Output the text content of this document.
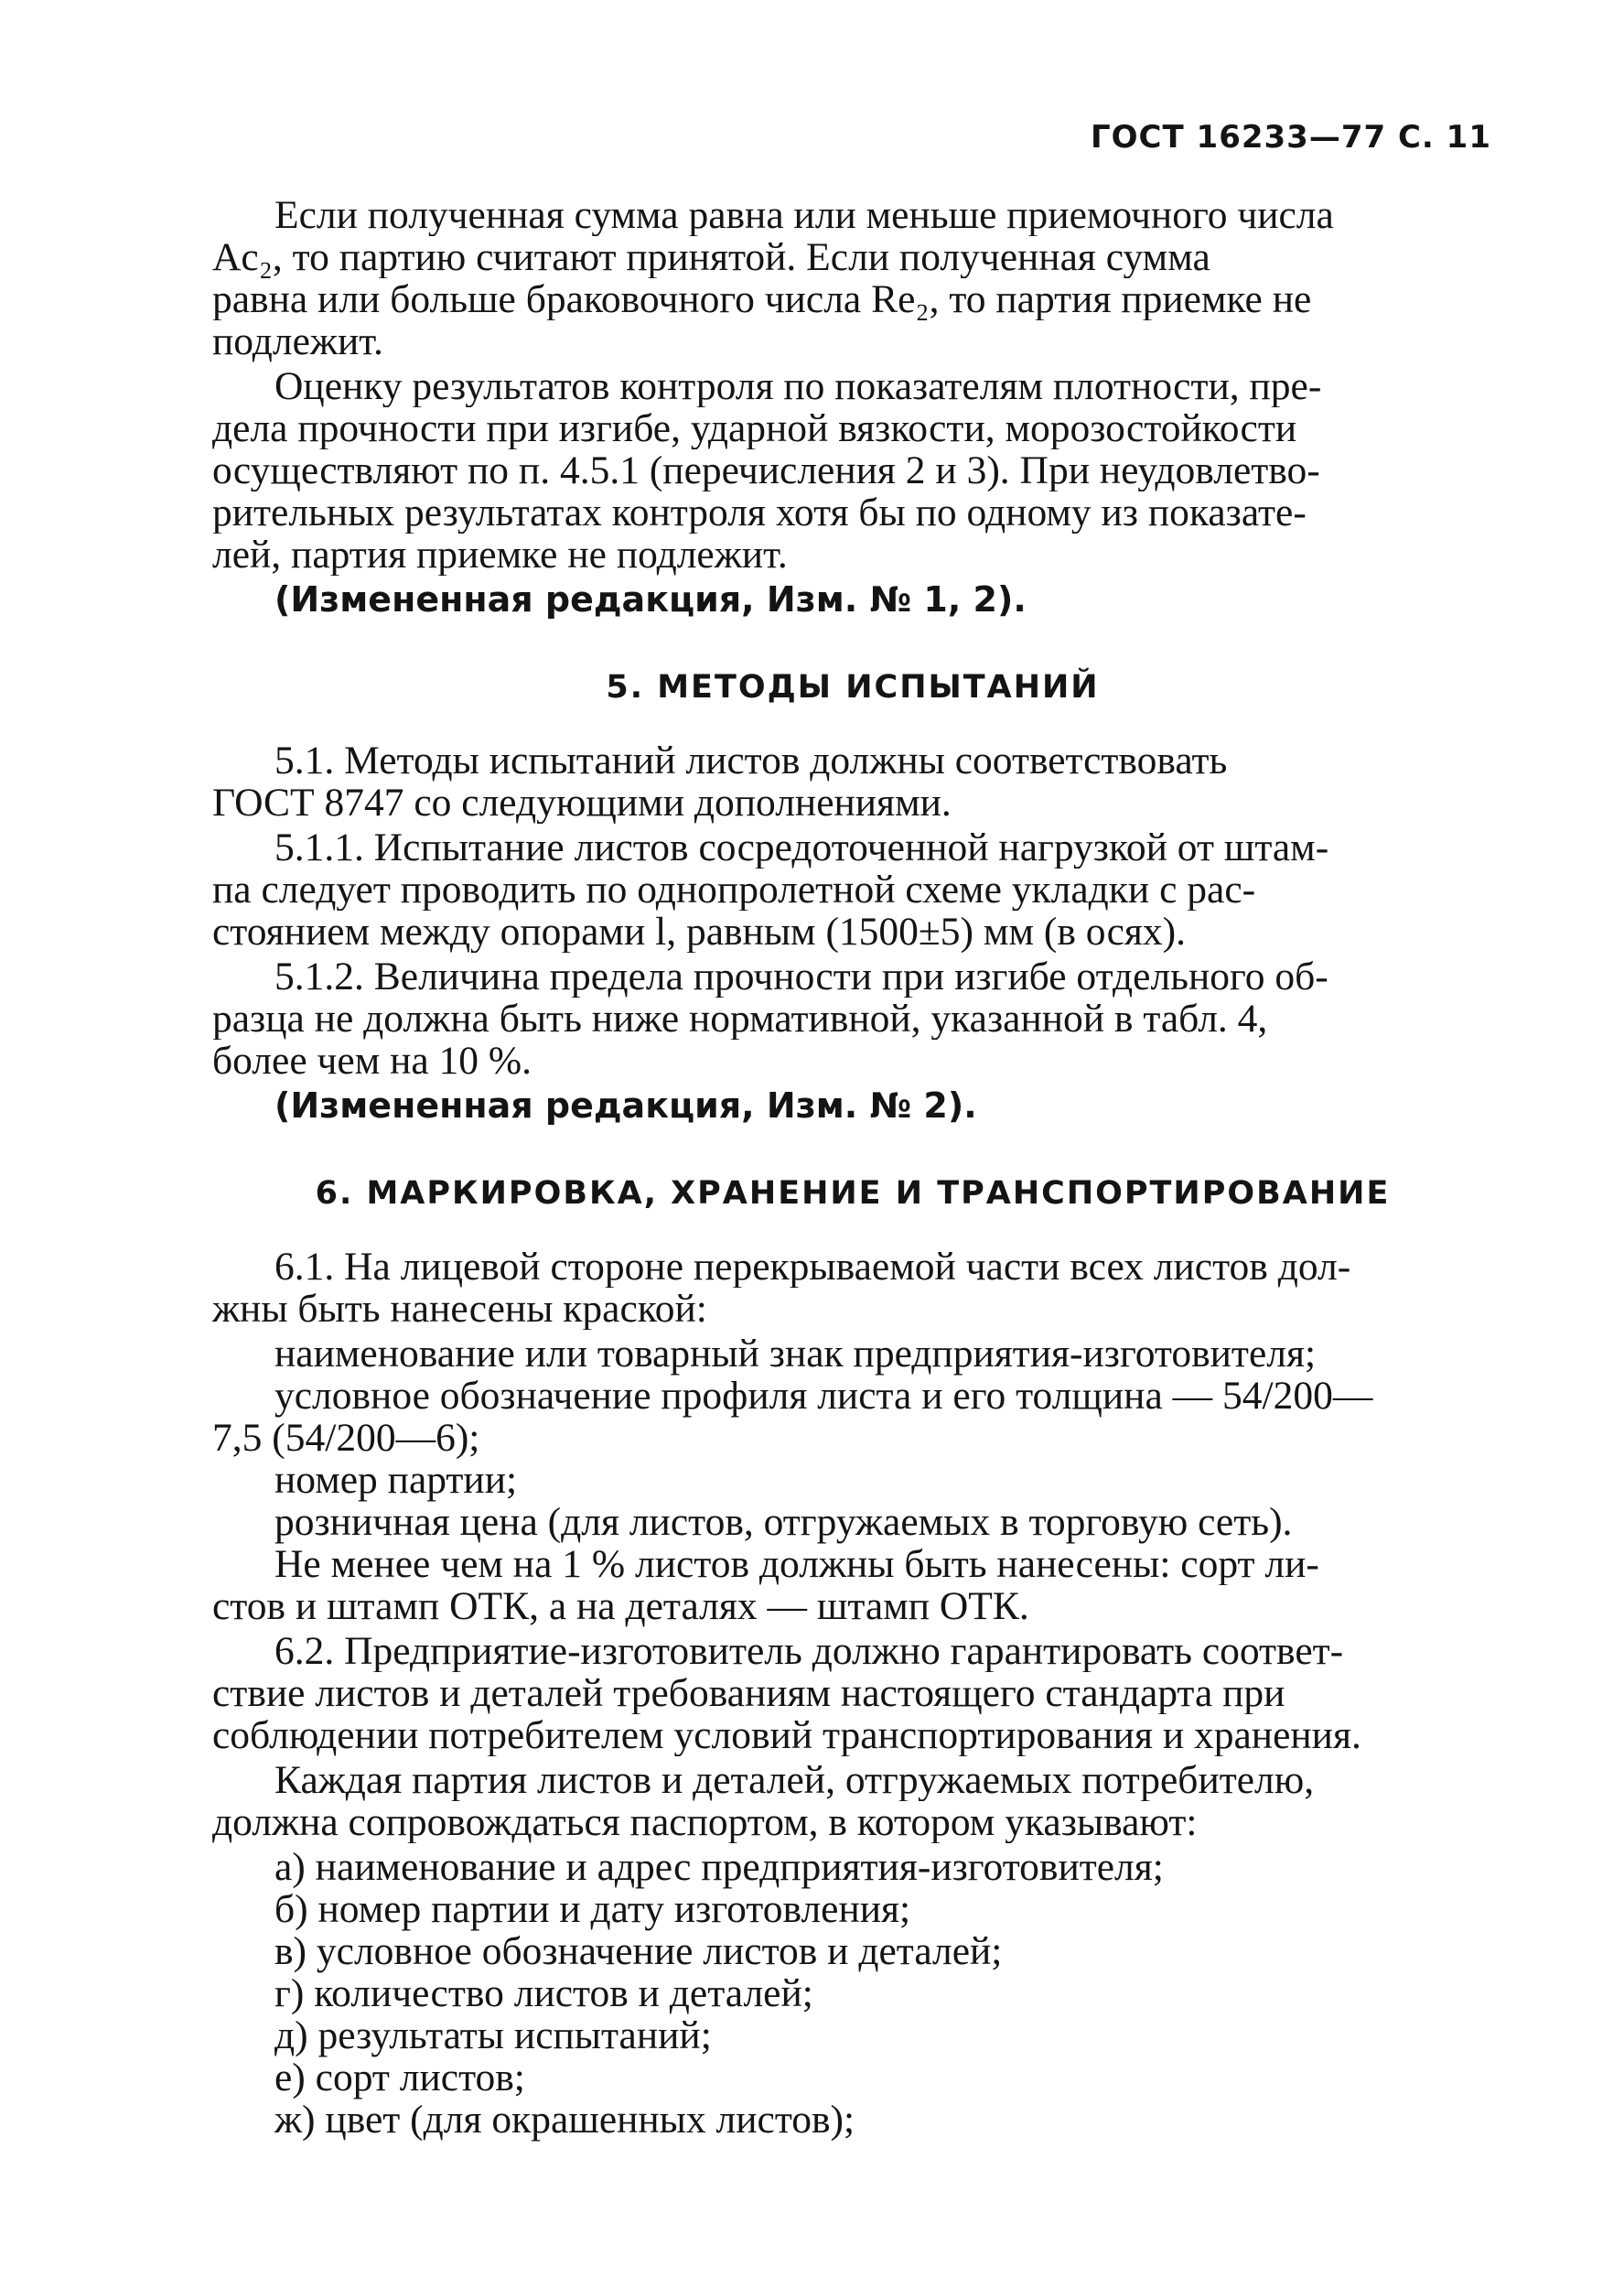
ГОСТ 16233—77 С. 11
Если полученная сумма равна или меньше приемочного числа
Ac₂, то партию считают принятой. Если полученная сумма
равна или больше браковочного числа Re₂, то партия приемке не
подлежит.
Оценку результатов контроля по показателям плотности, пре-
дела прочности при изгибе, ударной вязкости, морозостойкости
осуществляют по п. 4.5.1 (перечисления 2 и 3). При неудовлетво-
рительных результатах контроля хотя бы по одному из показате-
лей, партия приемке не подлежит.
(Измененная редакция, Изм. № 1, 2).
5. МЕТОДЫ ИСПЫТАНИЙ
5.1. Методы испытаний листов должны соответствовать
ГОСТ 8747 со следующими дополнениями.
5.1.1. Испытание листов сосредоточенной нагрузкой от штам-
па следует проводить по однопролетной схеме укладки с рас-
стоянием между опорами l, равным (1500±5) мм (в осях).
5.1.2. Величина предела прочности при изгибе отдельного об-
разца не должна быть ниже нормативной, указанной в табл. 4,
более чем на 10 %.
(Измененная редакция, Изм. № 2).
6. МАРКИРОВКА, ХРАНЕНИЕ И ТРАНСПОРТИРОВАНИЕ
6.1. На лицевой стороне перекрываемой части всех листов дол-
жны быть нанесены краской:
наименование или товарный знак предприятия-изготовителя;
условное обозначение профиля листа и его толщина — 54/200—
7,5 (54/200—6);
номер партии;
розничная цена (для листов, отгружаемых в торговую сеть).
Не менее чем на 1 % листов должны быть нанесены: сорт ли-
стов и штамп ОТК, а на деталях — штамп ОТК.
6.2. Предприятие-изготовитель должно гарантировать соответ-
ствие листов и деталей требованиям настоящего стандарта при
соблюдении потребителем условий транспортирования и хранения.
Каждая партия листов и деталей, отгружаемых потребителю,
должна сопровождаться паспортом, в котором указывают:
а) наименование и адрес предприятия-изготовителя;
б) номер партии и дату изготовления;
в) условное обозначение листов и деталей;
г) количество листов и деталей;
д) результаты испытаний;
е) сорт листов;
ж) цвет (для окрашенных листов);
